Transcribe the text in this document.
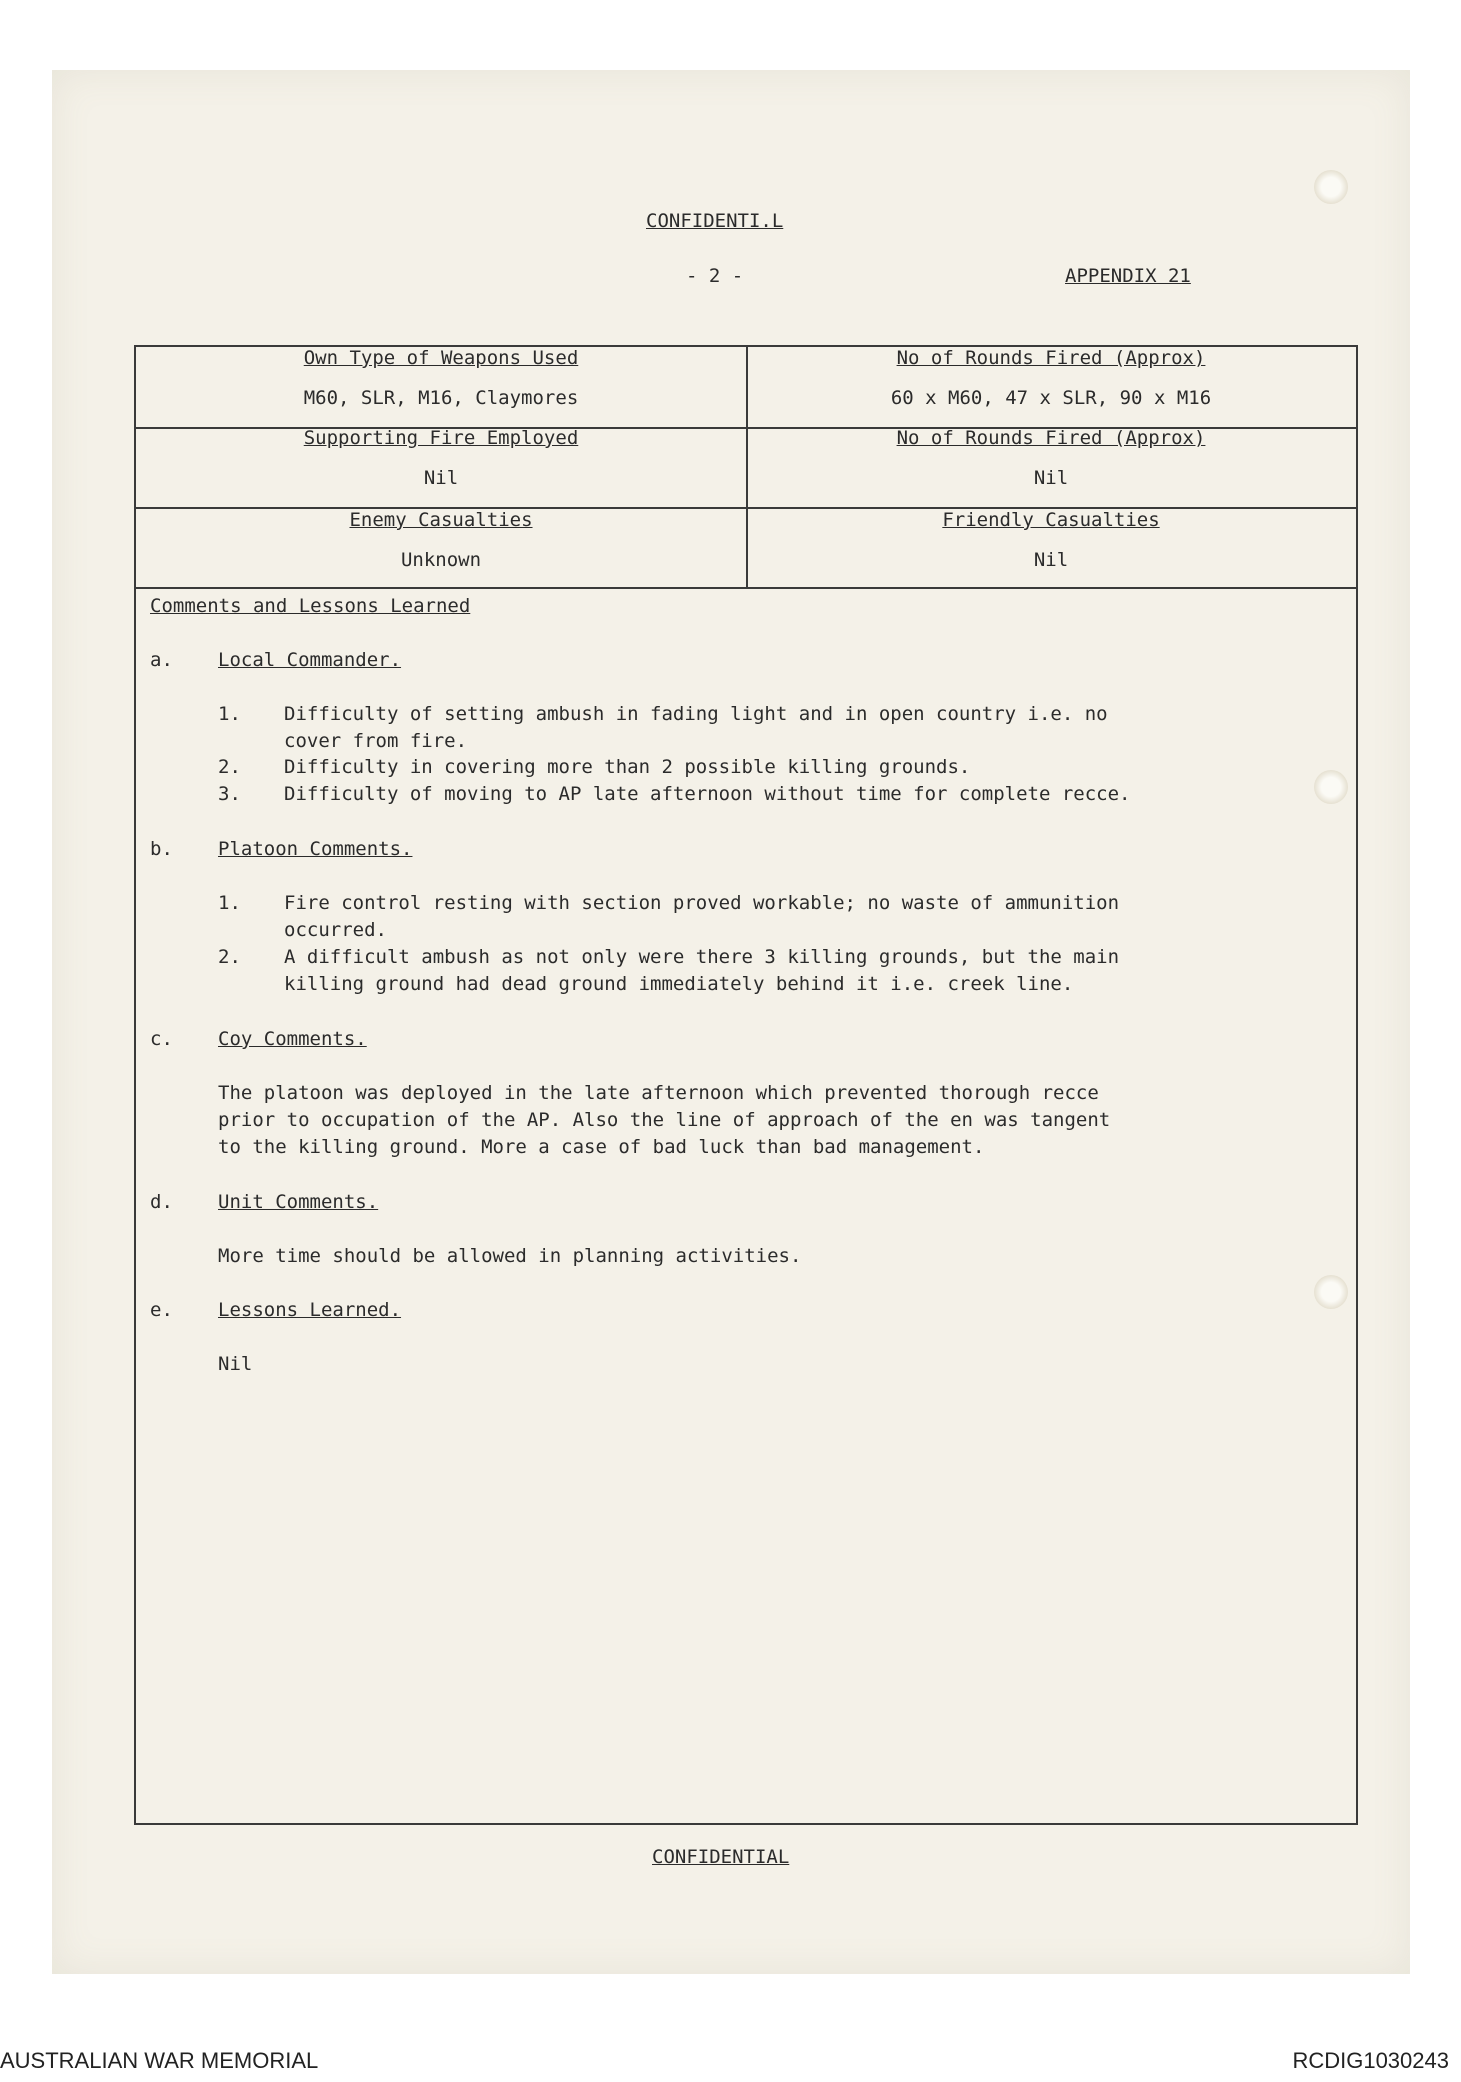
CONFIDENTI.L
- 2 -	APPENDIX 21
Own Type of Weapons Used
M60, SLR, M16, Claymores
No of Rounds Fired (Approx)
60 x M60, 47 x SLR, 90 x M16
Supporting Fire Employed
Nil
No of Rounds Fired (Approx)
Nil
Enemy Casualties
Unknown
Friendly Casualties
Nil
Comments and Lessons Learned
a. Local Commander.
1. Difficulty of setting ambush in fading light and in open country i.e. no
cover from fire.
2. Difficulty in covering more than 2 possible killing grounds.
3. Difficulty of moving to AP late afternoon without time for complete recce.
b. Platoon Comments.
1. Fire control resting with section proved workable; no waste of ammunition
occurred.
2. A difficult ambush as not only were there 3 killing grounds, but the main
killing ground had dead ground immediately behind it i.e. creek line.
c. Coy Comments.
The platoon was deployed in the late afternoon which prevented thorough recce
prior to occupation of the AP. Also the line of approach of the en was tangent
to the killing ground. More a case of bad luck than bad management.
d. Unit Comments.
More time should be allowed in planning activities.
e. Lessons Learned.
Nil
CONFIDENTIAL
AUSTRALIAN WAR MEMORIAL	RCDIG1030243
